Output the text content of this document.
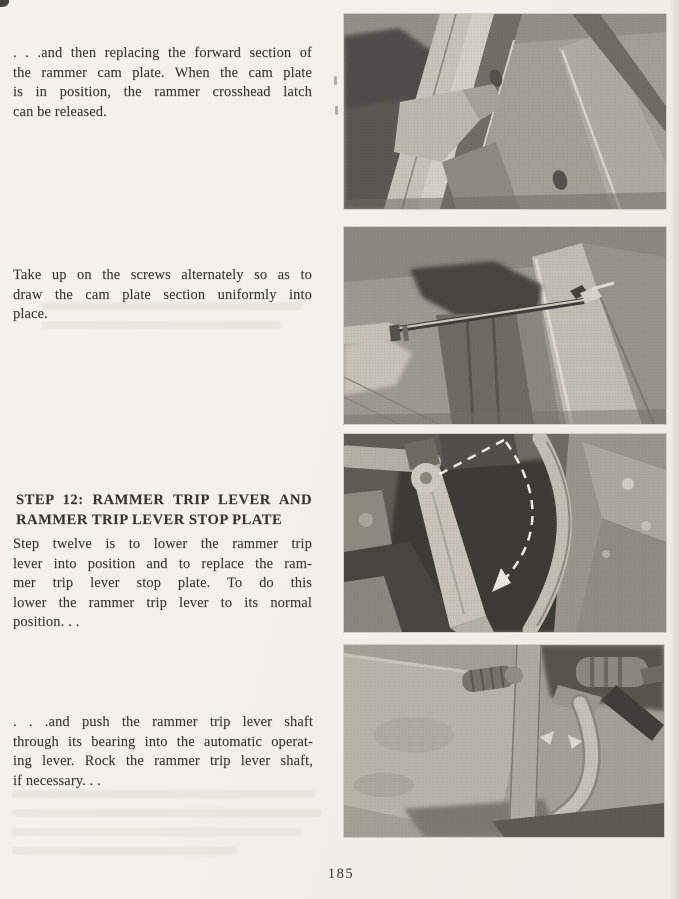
. . .and then replacing the forward section of
the rammer cam plate. When the cam plate
is in position, the rammer crosshead latch
can be released.
Take up on the screws alternately so as to
draw the cam plate section uniformly into
place.
STEP 12: RAMMER TRIP LEVER AND
RAMMER TRIP LEVER STOP PLATE
Step twelve is to lower the rammer trip
lever into position and to replace the ram-
mer trip lever stop plate. To do this
lower the rammer trip lever to its normal
position. . .
. . .and push the rammer trip lever shaft
through its bearing into the automatic operat-
ing lever. Rock the rammer trip lever shaft,
if necessary. . .
185
